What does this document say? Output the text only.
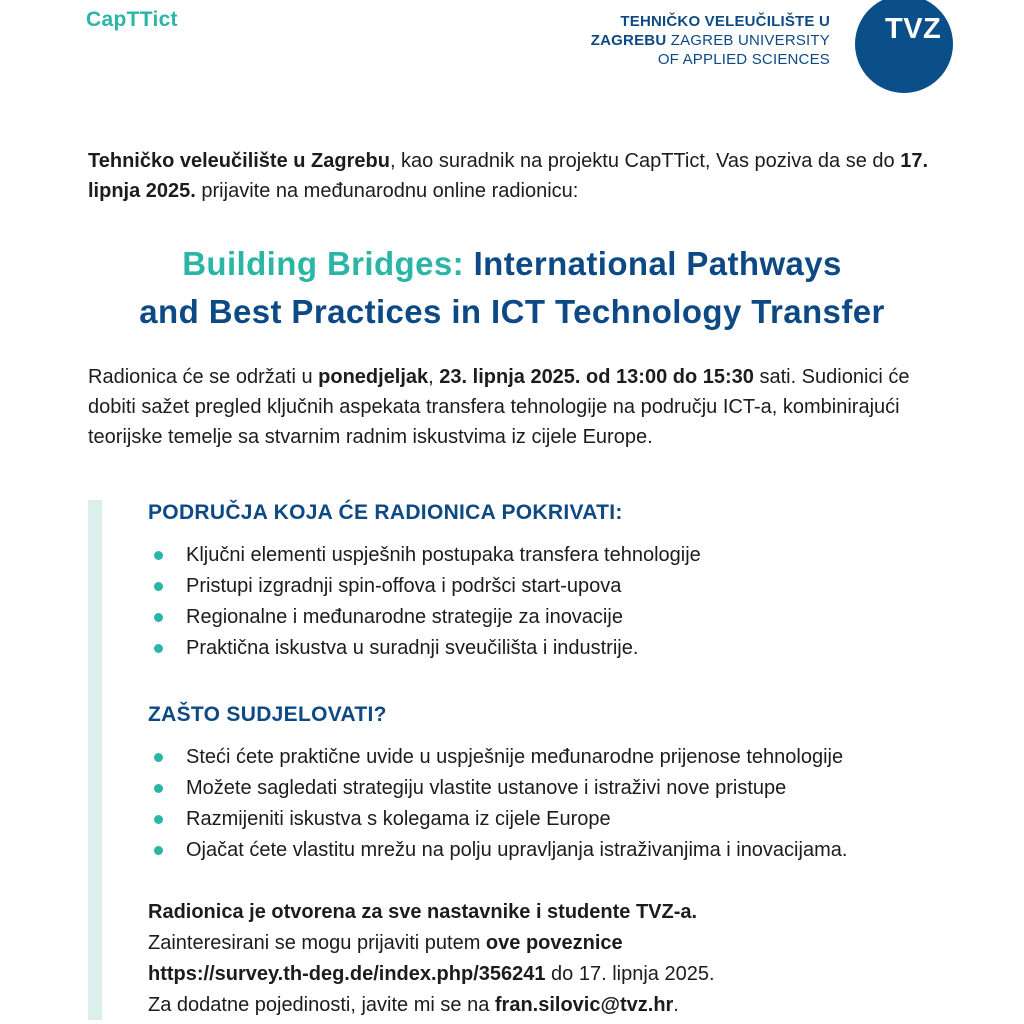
CapTTict	TEHNIČKO VELEUČILIŠTE U
ZAGREBU ZAGREB UNIVERSITY
OF APPLIED SCIENCES
TVZ
Tehničko veleučilište u Zagrebu, kao suradnik na projektu CapTTict, Vas poziva da se do 17. lipnja 2025. prijavite na međunarodnu online radionicu:
Building Bridges: International Pathways
and Best Practices in ICT Technology Transfer
Radionica će se održati u ponedjeljak, 23. lipnja 2025. od 13:00 do 15:30 sati. Sudionici će dobiti sažet pregled ključnih aspekata transfera tehnologije na području ICT-a, kombinirajući teorijske temelje sa stvarnim radnim iskustvima iz cijele Europe.
PODRUČJA KOJA ĆE RADIONICA POKRIVATI:
Ključni elementi uspješnih postupaka transfera tehnologije
Pristupi izgradnji spin-offova i podršci start-upova
Regionalne i međunarodne strategije za inovacije
Praktična iskustva u suradnji sveučilišta i industrije.
ZAŠTO SUDJELOVATI?
Steći ćete praktične uvide u uspješnije međunarodne prijenose tehnologije
Možete sagledati strategiju vlastite ustanove i istraživi nove pristupe
Razmijeniti iskustva s kolegama iz cijele Europe
Ojačat ćete vlastitu mrežu na polju upravljanja istraživanjima i inovacijama.
Radionica je otvorena za sve nastavnike i studente TVZ-a.
Zainteresirani se mogu prijaviti putem ove poveznice
https://survey.th-deg.de/index.php/356241 do 17. lipnja 2025.
Za dodatne pojedinosti, javite mi se na fran.silovic@tvz.hr.
